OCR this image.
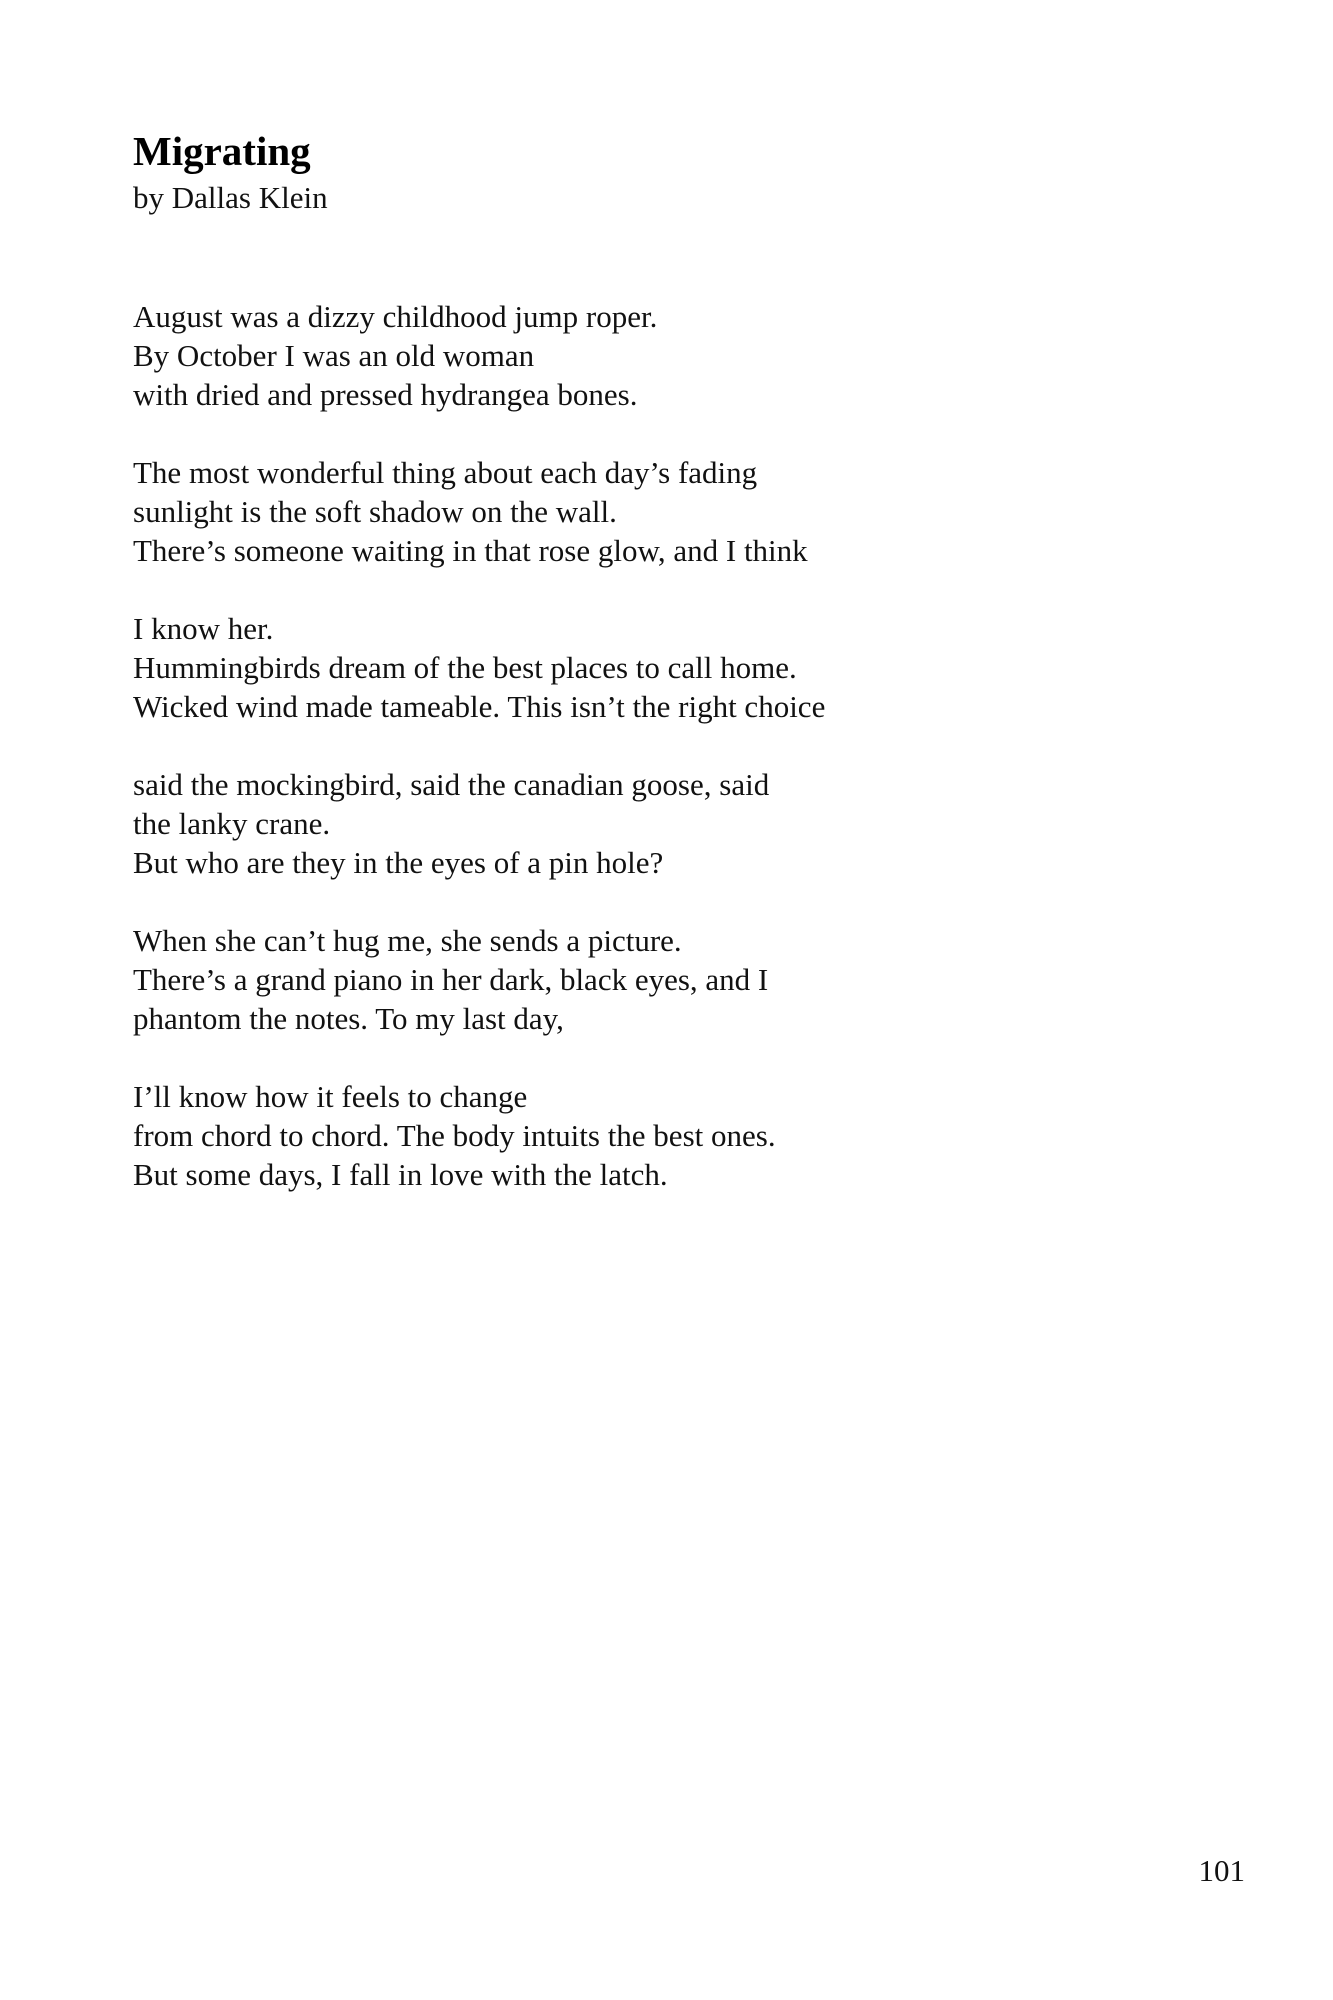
Migrating

by Dallas Klein

August was a dizzy childhood jump roper.
By October I was an old woman
with dried and pressed hydrangea bones.
The most wonderful thing about each day’s fading
sunlight is the soft shadow on the wall.
There’s someone waiting in that rose glow, and I think
I know her.
Hummingbirds dream of the best places to call home.
Wicked wind made tameable. This isn’t the right choice
said the mockingbird, said the canadian goose, said
the lanky crane.
But who are they in the eyes of a pin hole?
When she can’t hug me, she sends a picture.
There’s a grand piano in her dark, black eyes, and I
phantom the notes. To my last day,
I’ll know how it feels to change
from chord to chord. The body intuits the best ones.
But some days, I fall in love with the latch.
101
